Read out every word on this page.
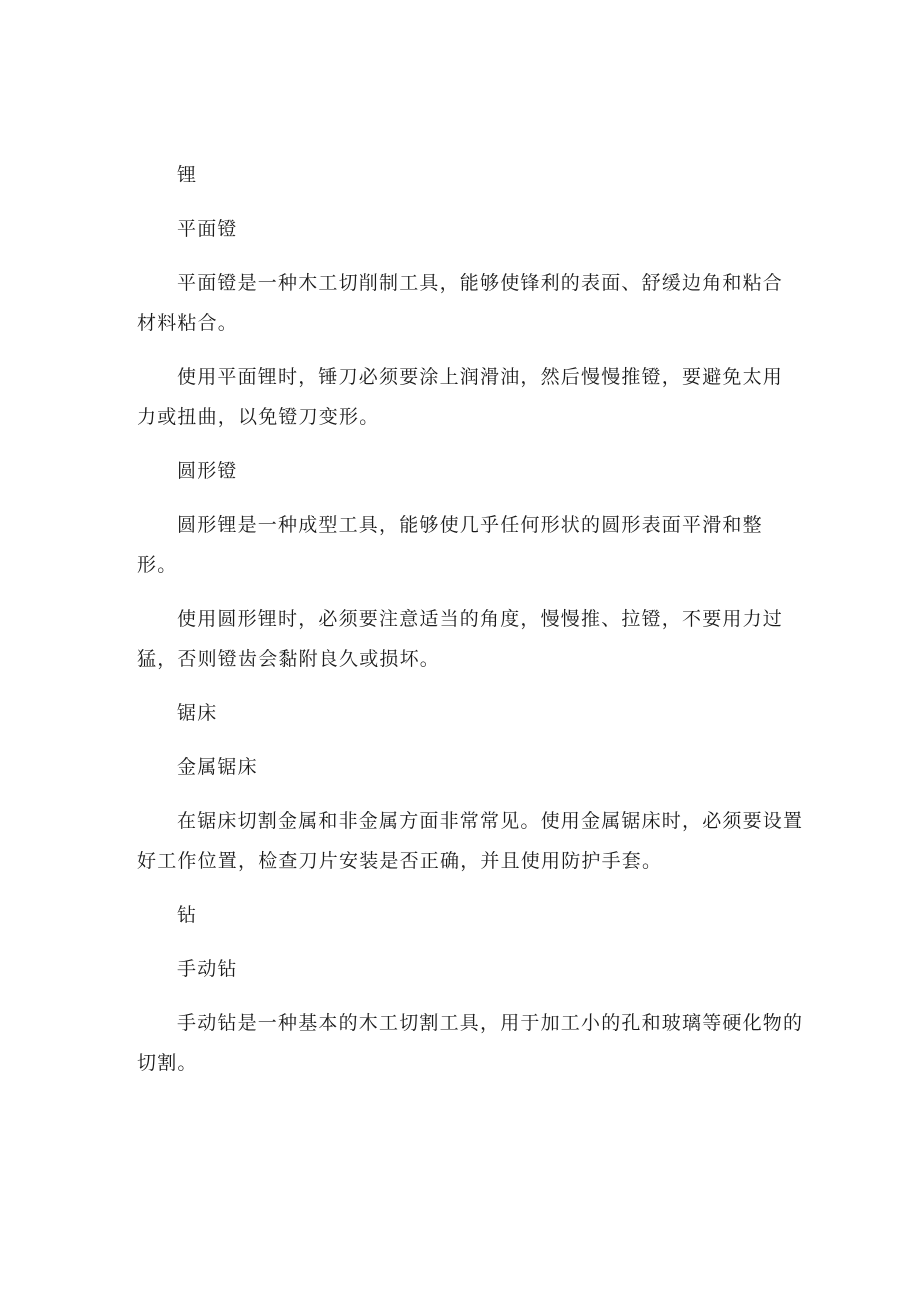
锂

平面镫

平面镫是一种木工切削制工具，能够使锋利的表面、舒缓边角和粘合

材料粘合。

使用平面锂时，锤刀必须要涂上润滑油，然后慢慢推镫，要避免太用

力或扭曲，以免镫刀变形。

圆形镫

圆形锂是一种成型工具，能够使几乎任何形状的圆形表面平滑和整

形。

使用圆形锂时，必须要注意适当的角度，慢慢推、拉镫，不要用力过

猛，否则镫齿会黏附良久或损坏。

锯床

金属锯床

在锯床切割金属和非金属方面非常常见。使用金属锯床时，必须要设置

好工作位置，检查刀片安装是否正确，并且使用防护手套。

钻

手动钻

手动钻是一种基本的木工切割工具，用于加工小的孔和玻璃等硬化物的

切割。
